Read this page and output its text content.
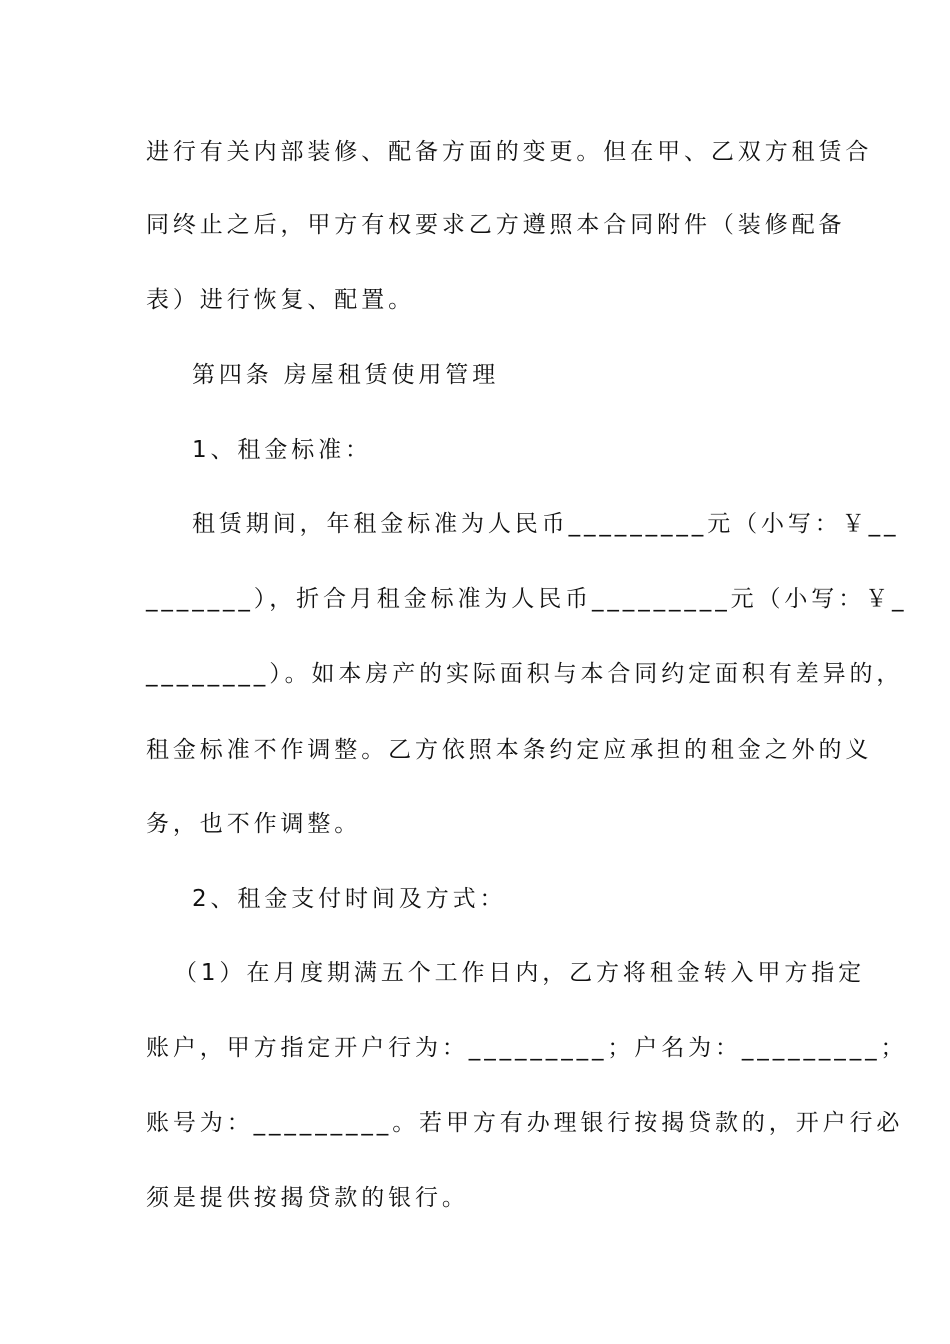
进行有关内部装修、配备方面的变更。但在甲、乙双方租赁合
同终止之后，甲方有权要求乙方遵照本合同附件（装修配备
表）进行恢复、配置。
第四条 房屋租赁使用管理
1、租金标准：
租赁期间，年租金标准为人民币_________元（小写：￥__
_______），折合月租金标准为人民币_________元（小写：￥_
________）。如本房产的实际面积与本合同约定面积有差异的，
租金标准不作调整。乙方依照本条约定应承担的租金之外的义
务，也不作调整。
2、租金支付时间及方式：
（1）在月度期满五个工作日内，乙方将租金转入甲方指定
账户，甲方指定开户行为：_________；户名为：_________；
账号为：_________。若甲方有办理银行按揭贷款的，开户行必
须是提供按揭贷款的银行。
